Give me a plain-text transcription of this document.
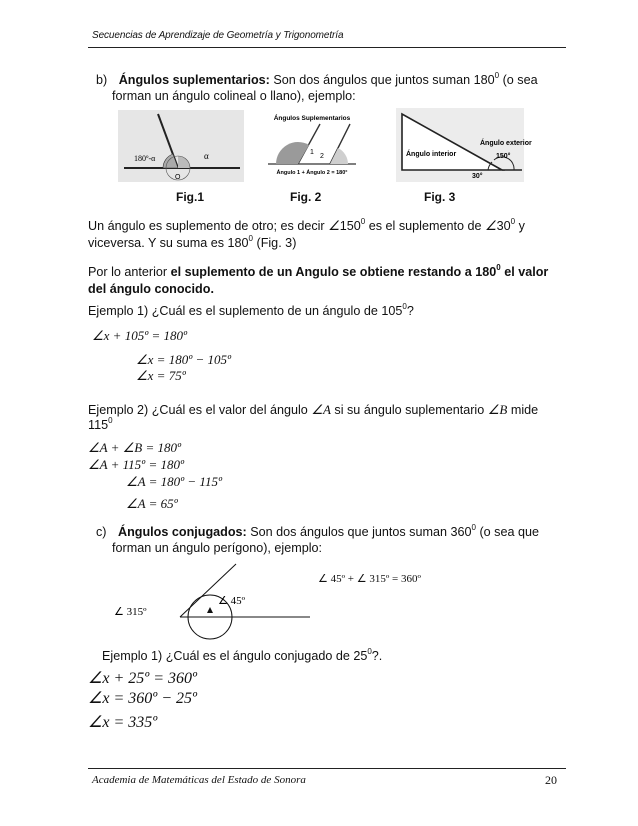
Secuencias de Aprendizaje de Geometría y Trigonometría
b) Ángulos suplementarios: Son dos ángulos que juntos suman $180^0$ (o sea
forman un ángulo colineal o llano), ejemplo:
180º-α	α
O
Ángulos Suplementarios
1
2
Ángulo 1 + Ángulo 2 = 180°
Ángulo exterior
Ángulo interior	150°
30°
Fig.1	Fig. 2	Fig. 3
Un ángulo es suplemento de otro; es decir $\angle 150^0$ es el suplemento de $\angle 30^0$ y
viceversa. Y su suma es $180^0$ (Fig. 3)
Por lo anterior el suplemento de un Angulo se obtiene restando a $180^0$ el valor
del ángulo conocido.
Ejemplo 1) ¿Cuál es el suplemento de un ángulo de $105^0$?
∠x + 105º = 180º
∠x = 180º − 105º
∠x = 75º
Ejemplo 2) ¿Cuál es el valor del ángulo ∠A si su ángulo suplementario ∠B mide
$115^0$
∠A + ∠B = 180º
∠A + 115º = 180º
∠A = 180º − 115º
∠A = 65º
c) Ángulos conjugados: Son dos ángulos que juntos suman $360^0$ (o sea que
forman un ángulo perígono), ejemplo:
∠ 315º
∠ 45º
∠ 45º + ∠ 315º = 360º
Ejemplo 1) ¿Cuál es el ángulo conjugado de $25^0$?.
∠x + 25º = 360º
∠x = 360º − 25º
∠x = 335º
Academia de Matemáticas del Estado de Sonora	20
